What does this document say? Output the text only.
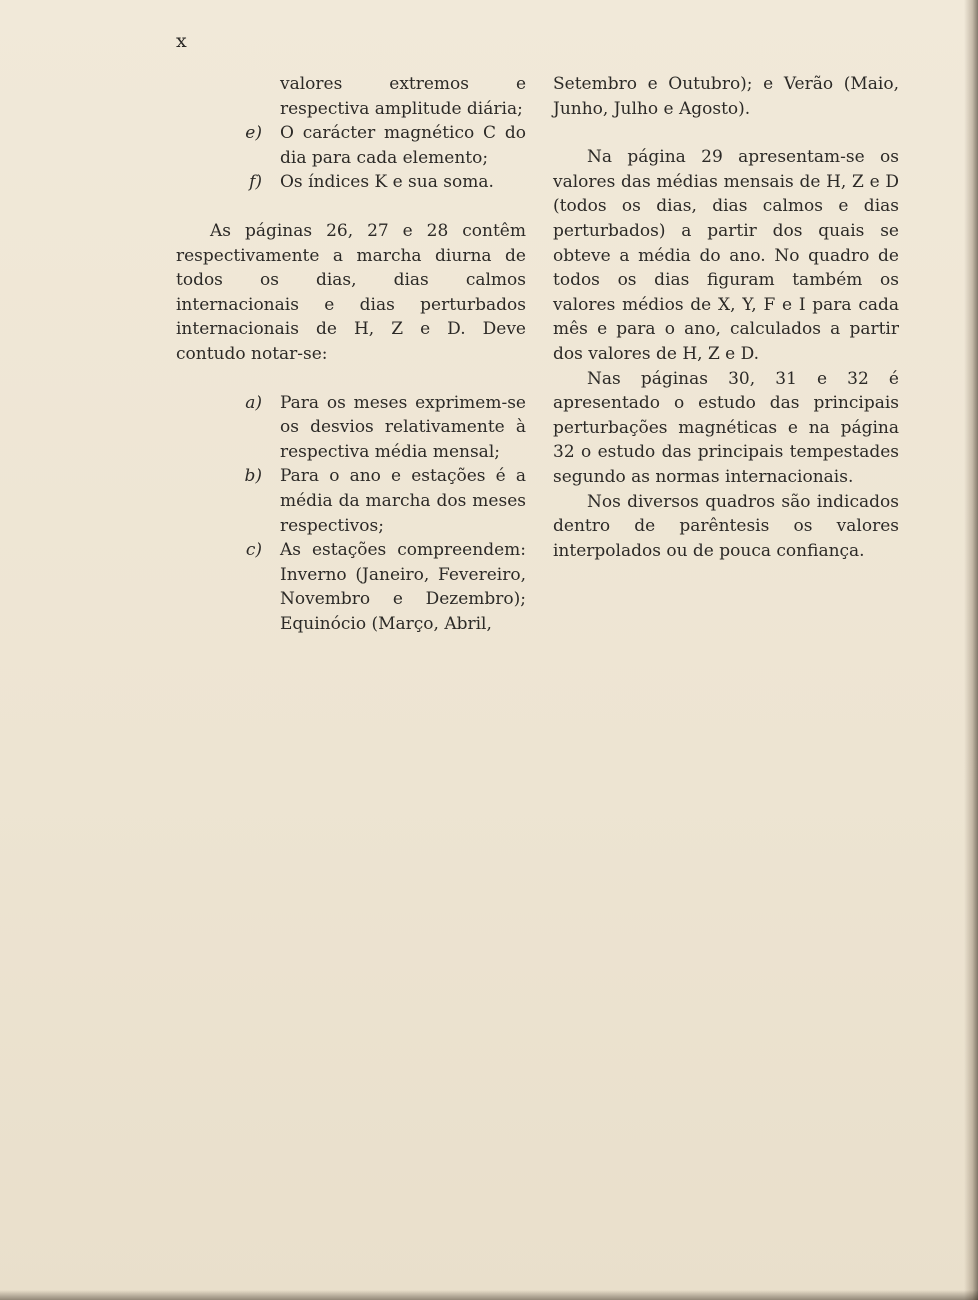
x

valores extremos e respectiva amplitude diária;

e)	O carácter magnético C do dia para cada elemento;
f)	Os índices K e sua soma.

As páginas 26, 27 e 28 contêm respectivamente a marcha diurna de todos os dias, dias calmos internacionais e dias perturbados internacionais de H, Z e D. Deve contudo notar-se:

a)	Para os meses exprimem-se os desvios relativamente à respectiva média mensal;
b)	Para o ano e estações é a média da marcha dos meses respectivos;
c)	As estações compreendem: Inverno (Janeiro, Fevereiro, Novembro e Dezembro); Equinócio (Março, Abril,

Setembro e Outubro); e Verão (Maio, Junho, Julho e Agosto).

Na página 29 apresentam-se os valores das médias mensais de H, Z e D (todos os dias, dias calmos e dias perturbados) a partir dos quais se obteve a média do ano. No quadro de todos os dias figuram também os valores médios de X, Y, F e I para cada mês e para o ano, calculados a partir dos valores de H, Z e D.

Nas páginas 30, 31 e 32 é apresentado o estudo das principais perturbações magnéticas e na página 32 o estudo das principais tempestades segundo as normas internacionais.

Nos diversos quadros são indicados dentro de parêntesis os valores interpolados ou de pouca confiança.
